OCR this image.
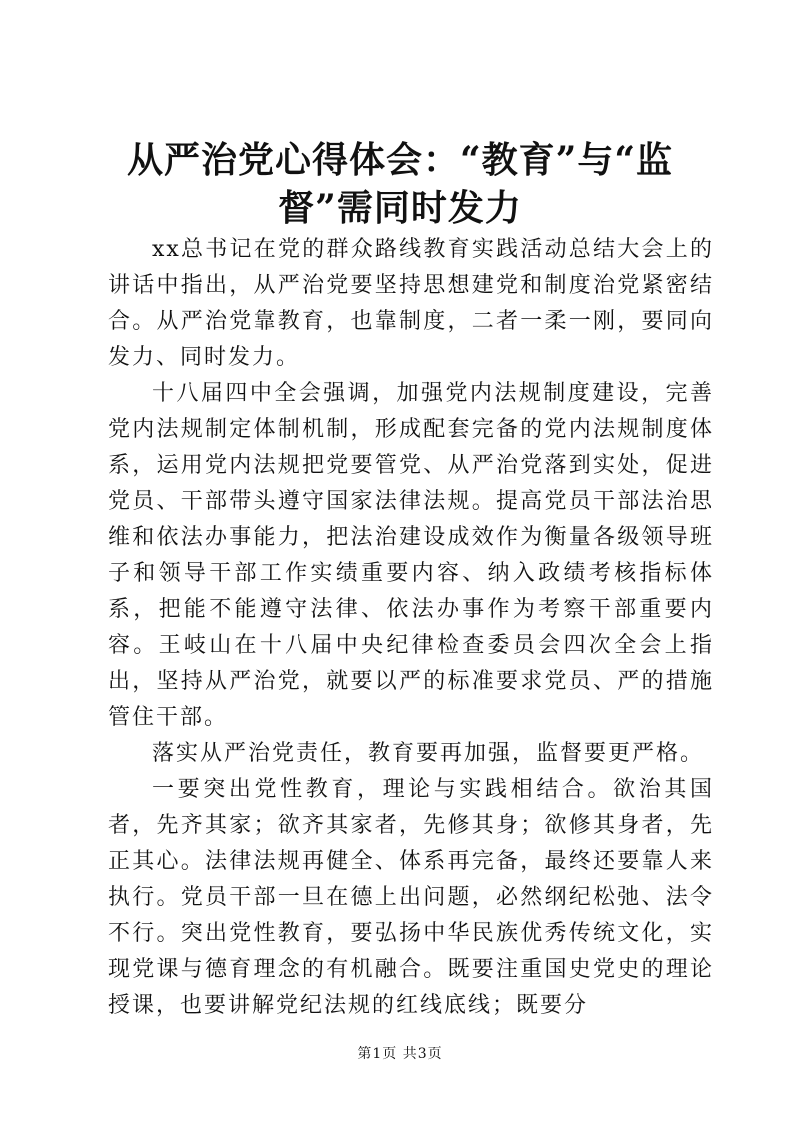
从严治党心得体会：“教育”与“监督”需同时发力

xx总书记在党的群众路线教育实践活动总结大会上的讲话中指出，从严治党要坚持思想建党和制度治党紧密结合。从严治党靠教育，也靠制度，二者一柔一刚，要同向发力、同时发力。

十八届四中全会强调，加强党内法规制度建设，完善党内法规制定体制机制，形成配套完备的党内法规制度体系，运用党内法规把党要管党、从严治党落到实处，促进党员、干部带头遵守国家法律法规。提高党员干部法治思维和依法办事能力，把法治建设成效作为衡量各级领导班子和领导干部工作实绩重要内容、纳入政绩考核指标体系，把能不能遵守法律、依法办事作为考察干部重要内容。王岐山在十八届中央纪律检查委员会四次全会上指出，坚持从严治党，就要以严的标准要求党员、严的措施管住干部。

落实从严治党责任，教育要再加强，监督要更严格。

一要突出党性教育，理论与实践相结合。欲治其国者，先齐其家；欲齐其家者，先修其身；欲修其身者，先正其心。法律法规再健全、体系再完备，最终还要靠人来执行。党员干部一旦在德上出问题，必然纲纪松弛、法令不行。突出党性教育，要弘扬中华民族优秀传统文化，实现党课与德育理念的有机融合。既要注重国史党史的理论授课，也要讲解党纪法规的红线底线；既要分

第1页 共3页
